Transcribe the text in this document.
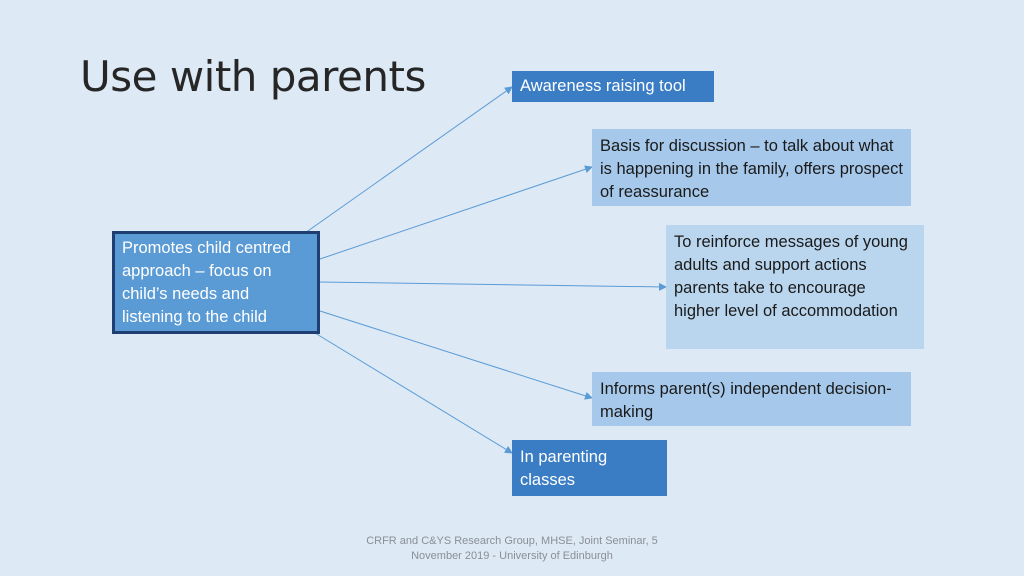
Use with parents
Promotes child centred approach – focus on child’s needs and listening to the child
Awareness raising tool
Basis for discussion – to talk about what is happening in the family, offers prospect of reassurance
To reinforce messages of young adults and support actions parents take to encourage higher level of accommodation
Informs parent(s) independent decision-making
In parenting classes
CRFR and C&YS Research Group, MHSE, Joint Seminar, 5 November 2019 - University of Edinburgh
